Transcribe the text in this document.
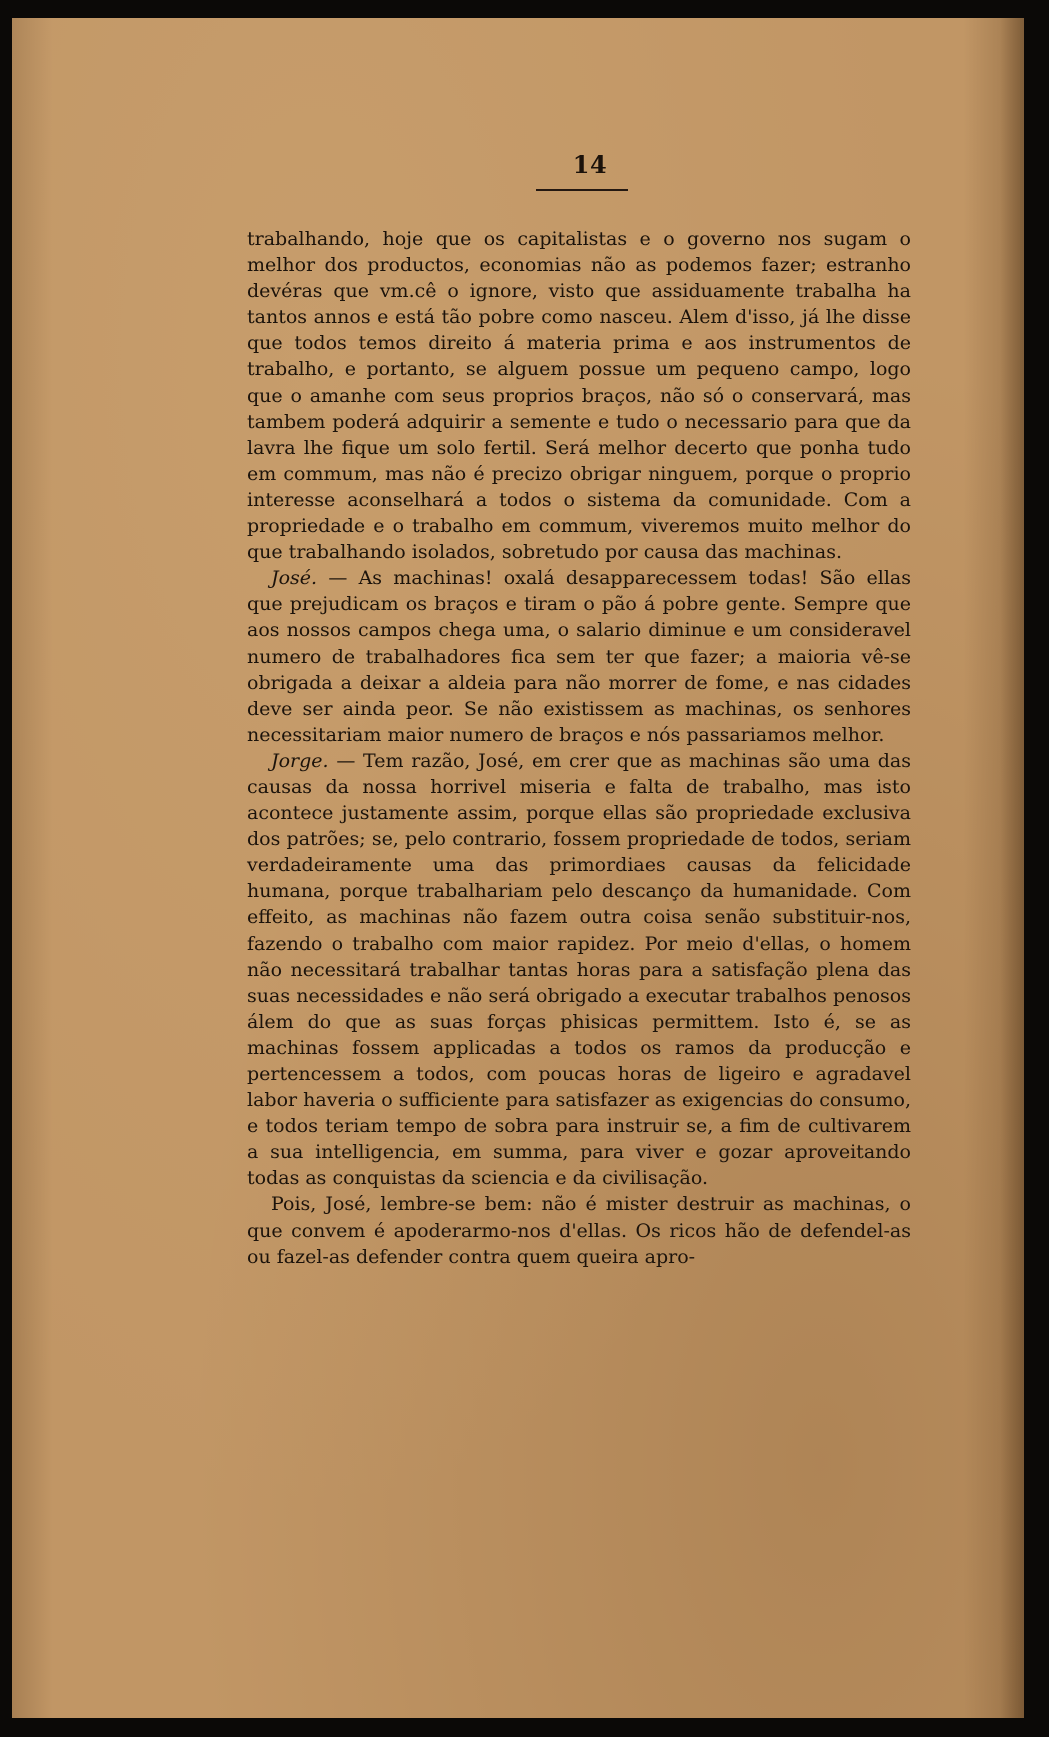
14

trabalhando, hoje que os capitalistas e o governo nos sugam o melhor dos productos, economias não as podemos fazer; estranho devéras que vm.cê o ignore, visto que assiduamente trabalha ha tantos annos e está tão pobre como nasceu. Alem d'isso, já lhe disse que todos temos direito á materia prima e aos instrumentos de trabalho, e portanto, se alguem possue um pequeno campo, logo que o amanhe com seus proprios braços, não só o conservará, mas tambem poderá adquirir a semente e tudo o necessario para que da lavra lhe fique um solo fertil. Será melhor decerto que ponha tudo em commum, mas não é precizo obrigar ninguem, porque o proprio interesse aconselhará a todos o sistema da comunidade. Com a propriedade e o trabalho em commum, viveremos muito melhor do que trabalhando isolados, sobretudo por causa das machinas.

José. — As machinas! oxalá desapparecessem todas! São ellas que prejudicam os braços e tiram o pão á pobre gente. Sempre que aos nossos campos chega uma, o salario diminue e um consideravel numero de trabalhadores fica sem ter que fazer; a maioria vê-se obrigada a deixar a aldeia para não morrer de fome, e nas cidades deve ser ainda peor. Se não existissem as machinas, os senhores necessitariam maior numero de braços e nós passariamos melhor.

Jorge. — Tem razão, José, em crer que as machinas são uma das causas da nossa horrivel miseria e falta de trabalho, mas isto acontece justamente assim, porque ellas são propriedade exclusiva dos patrões; se, pelo contrario, fossem propriedade de todos, seriam verdadeiramente uma das primordiaes causas da felicidade humana, porque trabalhariam pelo descanço da humanidade. Com effeito, as machinas não fazem outra coisa senão substituir-nos, fazendo o trabalho com maior rapidez. Por meio d'ellas, o homem não necessitará trabalhar tantas horas para a satisfação plena das suas necessidades e não será obrigado a executar trabalhos penosos álem do que as suas forças phisicas permittem. Isto é, se as machinas fossem applicadas a todos os ramos da producção e pertencessem a todos, com poucas horas de ligeiro e agradavel labor haveria o sufficiente para satisfazer as exigencias do consumo, e todos teriam tempo de sobra para instruir se, a fim de cultivarem a sua intelligencia, em summa, para viver e gozar aproveitando todas as conquistas da sciencia e da civilisação.

Pois, José, lembre-se bem: não é mister destruir as machinas, o que convem é apoderarmo-nos d'ellas. Os ricos hão de defendel-as ou fazel-as defender contra quem queira apro-
